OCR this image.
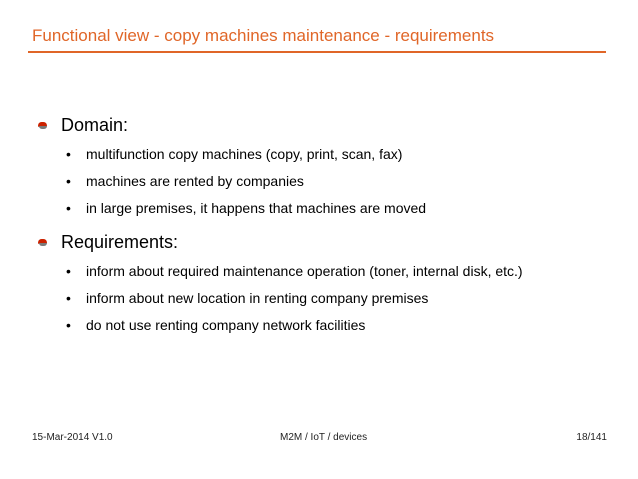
Functional view - copy machines maintenance - requirements
Domain:
• multifunction copy machines (copy, print, scan, fax)
• machines are rented by companies
• in large premises, it happens that machines are moved
Requirements:
• inform about required maintenance operation (toner, internal disk, etc.)
• inform about new location in renting company premises
• do not use renting company network facilities
15-Mar-2014 V1.0	M2M / IoT / devices	18/141
